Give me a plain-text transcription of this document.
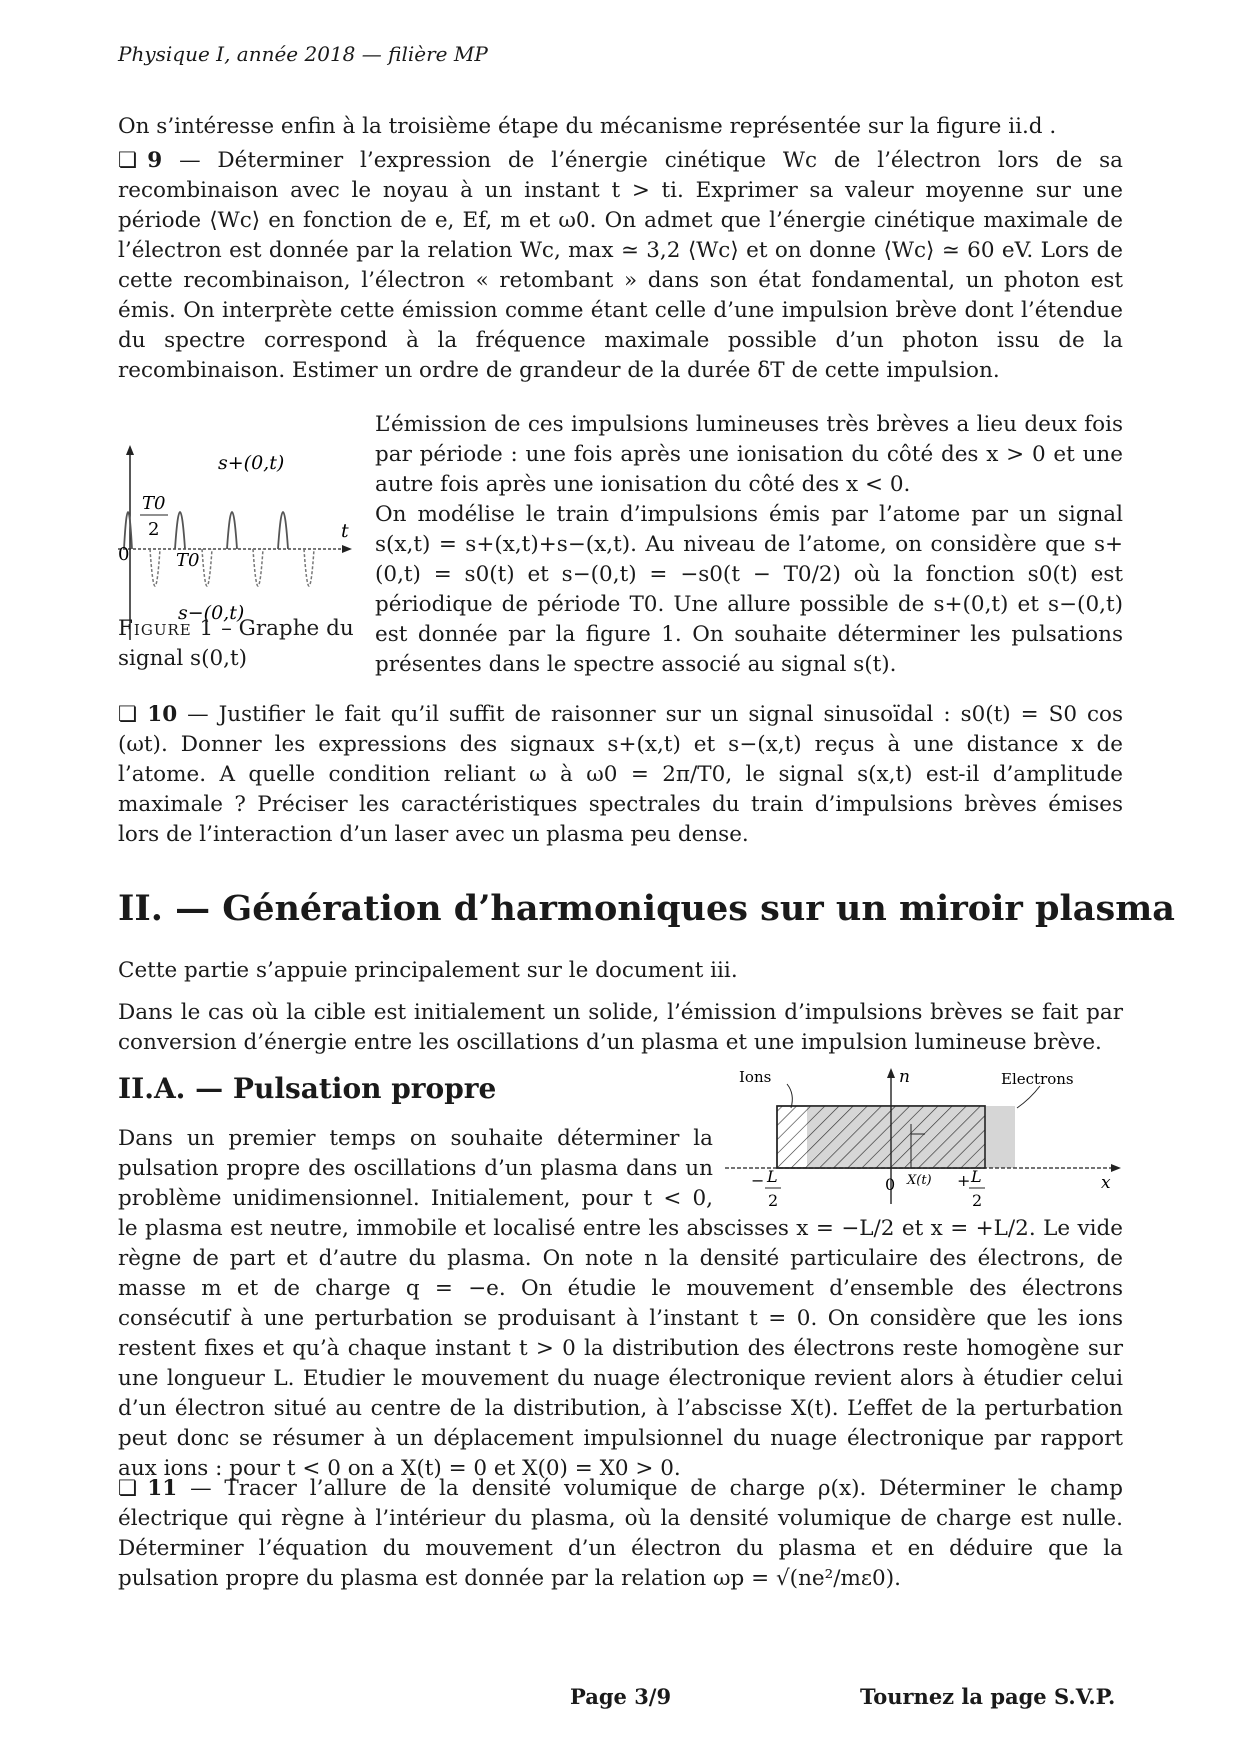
Physique I, année 2018 — filière MP

On s’intéresse enfin à la troisième étape du mécanisme représentée sur la figure ii.d .

❏ 9 — Déterminer l’expression de l’énergie cinétique Wc de l’électron lors de sa recombinaison avec le noyau à un instant t > ti. Exprimer sa valeur moyenne sur une période ⟨Wc⟩ en fonction de e, Ef, m et ω0. On admet que l’énergie cinétique maximale de l’électron est donnée par la relation Wc, max ≃ 3,2 ⟨Wc⟩ et on donne ⟨Wc⟩ ≃ 60 eV. Lors de cette recombinaison, l’électron « retombant » dans son état fondamental, un photon est émis. On interprète cette émission comme étant celle d’une impulsion brève dont l’étendue du spectre correspond à la fréquence maximale possible d’un photon issu de la recombinaison. Estimer un ordre de grandeur de la durée δT de cette impulsion.

s+(0,t)
s−(0,t)
t
0	T0
T0
2
Figure 1 – Graphe du signal s(0,t)

L’émission de ces impulsions lumineuses très brèves a lieu deux fois par période : une fois après une ionisation du côté des x > 0 et une autre fois après une ionisation du côté des x < 0.

On modélise le train d’impulsions émis par l’atome par un signal s(x,t) = s+(x,t)+s−(x,t). Au niveau de l’atome, on considère que s+(0,t) = s0(t) et s−(0,t) = −s0(t − T0/2) où la fonction s0(t) est périodique de période T0. Une allure possible de s+(0,t) et s−(0,t) est donnée par la figure 1. On souhaite déterminer les pulsations présentes dans le spectre associé au signal s(t).

❏ 10 — Justifier le fait qu’il suffit de raisonner sur un signal sinusoïdal : s0(t) = S0 cos (ωt). Donner les expressions des signaux s+(x,t) et s−(x,t) reçus à une distance x de l’atome. A quelle condition reliant ω à ω0 = 2π/T0, le signal s(x,t) est-il d’amplitude maximale ? Préciser les caractéristiques spectrales du train d’impulsions brèves émises lors de l’interaction d’un laser avec un plasma peu dense.

II. — Génération d’harmoniques sur un miroir plasma

Cette partie s’appuie principalement sur le document iii.

Dans le cas où la cible est initialement un solide, l’émission d’impulsions brèves se fait par conversion d’énergie entre les oscillations d’un plasma et une impulsion lumineuse brève.

II.A. — Pulsation propre	Ions	Electrons
n
x
0 X(t)
− L
2
+ L
2

Dans un premier temps on souhaite déterminer la pulsation propre des oscillations d’un plasma dans un problème unidimensionnel. Initialement, pour t < 0, le plasma est neutre, immobile et localisé entre les abscisses x = −L/2 et x = +L/2. Le vide règne de part et d’autre du plasma. On note n la densité particulaire des électrons, de masse m et de charge q = −e. On étudie le mouvement d’ensemble des électrons consécutif à une perturbation se produisant à l’instant t = 0. On considère que les ions restent fixes et qu’à chaque instant t > 0 la distribution des électrons reste homogène sur une longueur L. Etudier le mouvement du nuage électronique revient alors à étudier celui d’un électron situé au centre de la distribution, à l’abscisse X(t). L’effet de la perturbation peut donc se résumer à un déplacement impulsionnel du nuage électronique par rapport aux ions : pour t < 0 on a X(t) = 0 et X(0) = X0 > 0.

❏ 11 — Tracer l’allure de la densité volumique de charge ρ(x). Déterminer le champ électrique qui règne à l’intérieur du plasma, où la densité volumique de charge est nulle. Déterminer l’équation du mouvement d’un électron du plasma et en déduire que la pulsation propre du plasma est donnée par la relation ωp = √(ne²/mε0).

Page 3/9	Tournez la page S.V.P.
